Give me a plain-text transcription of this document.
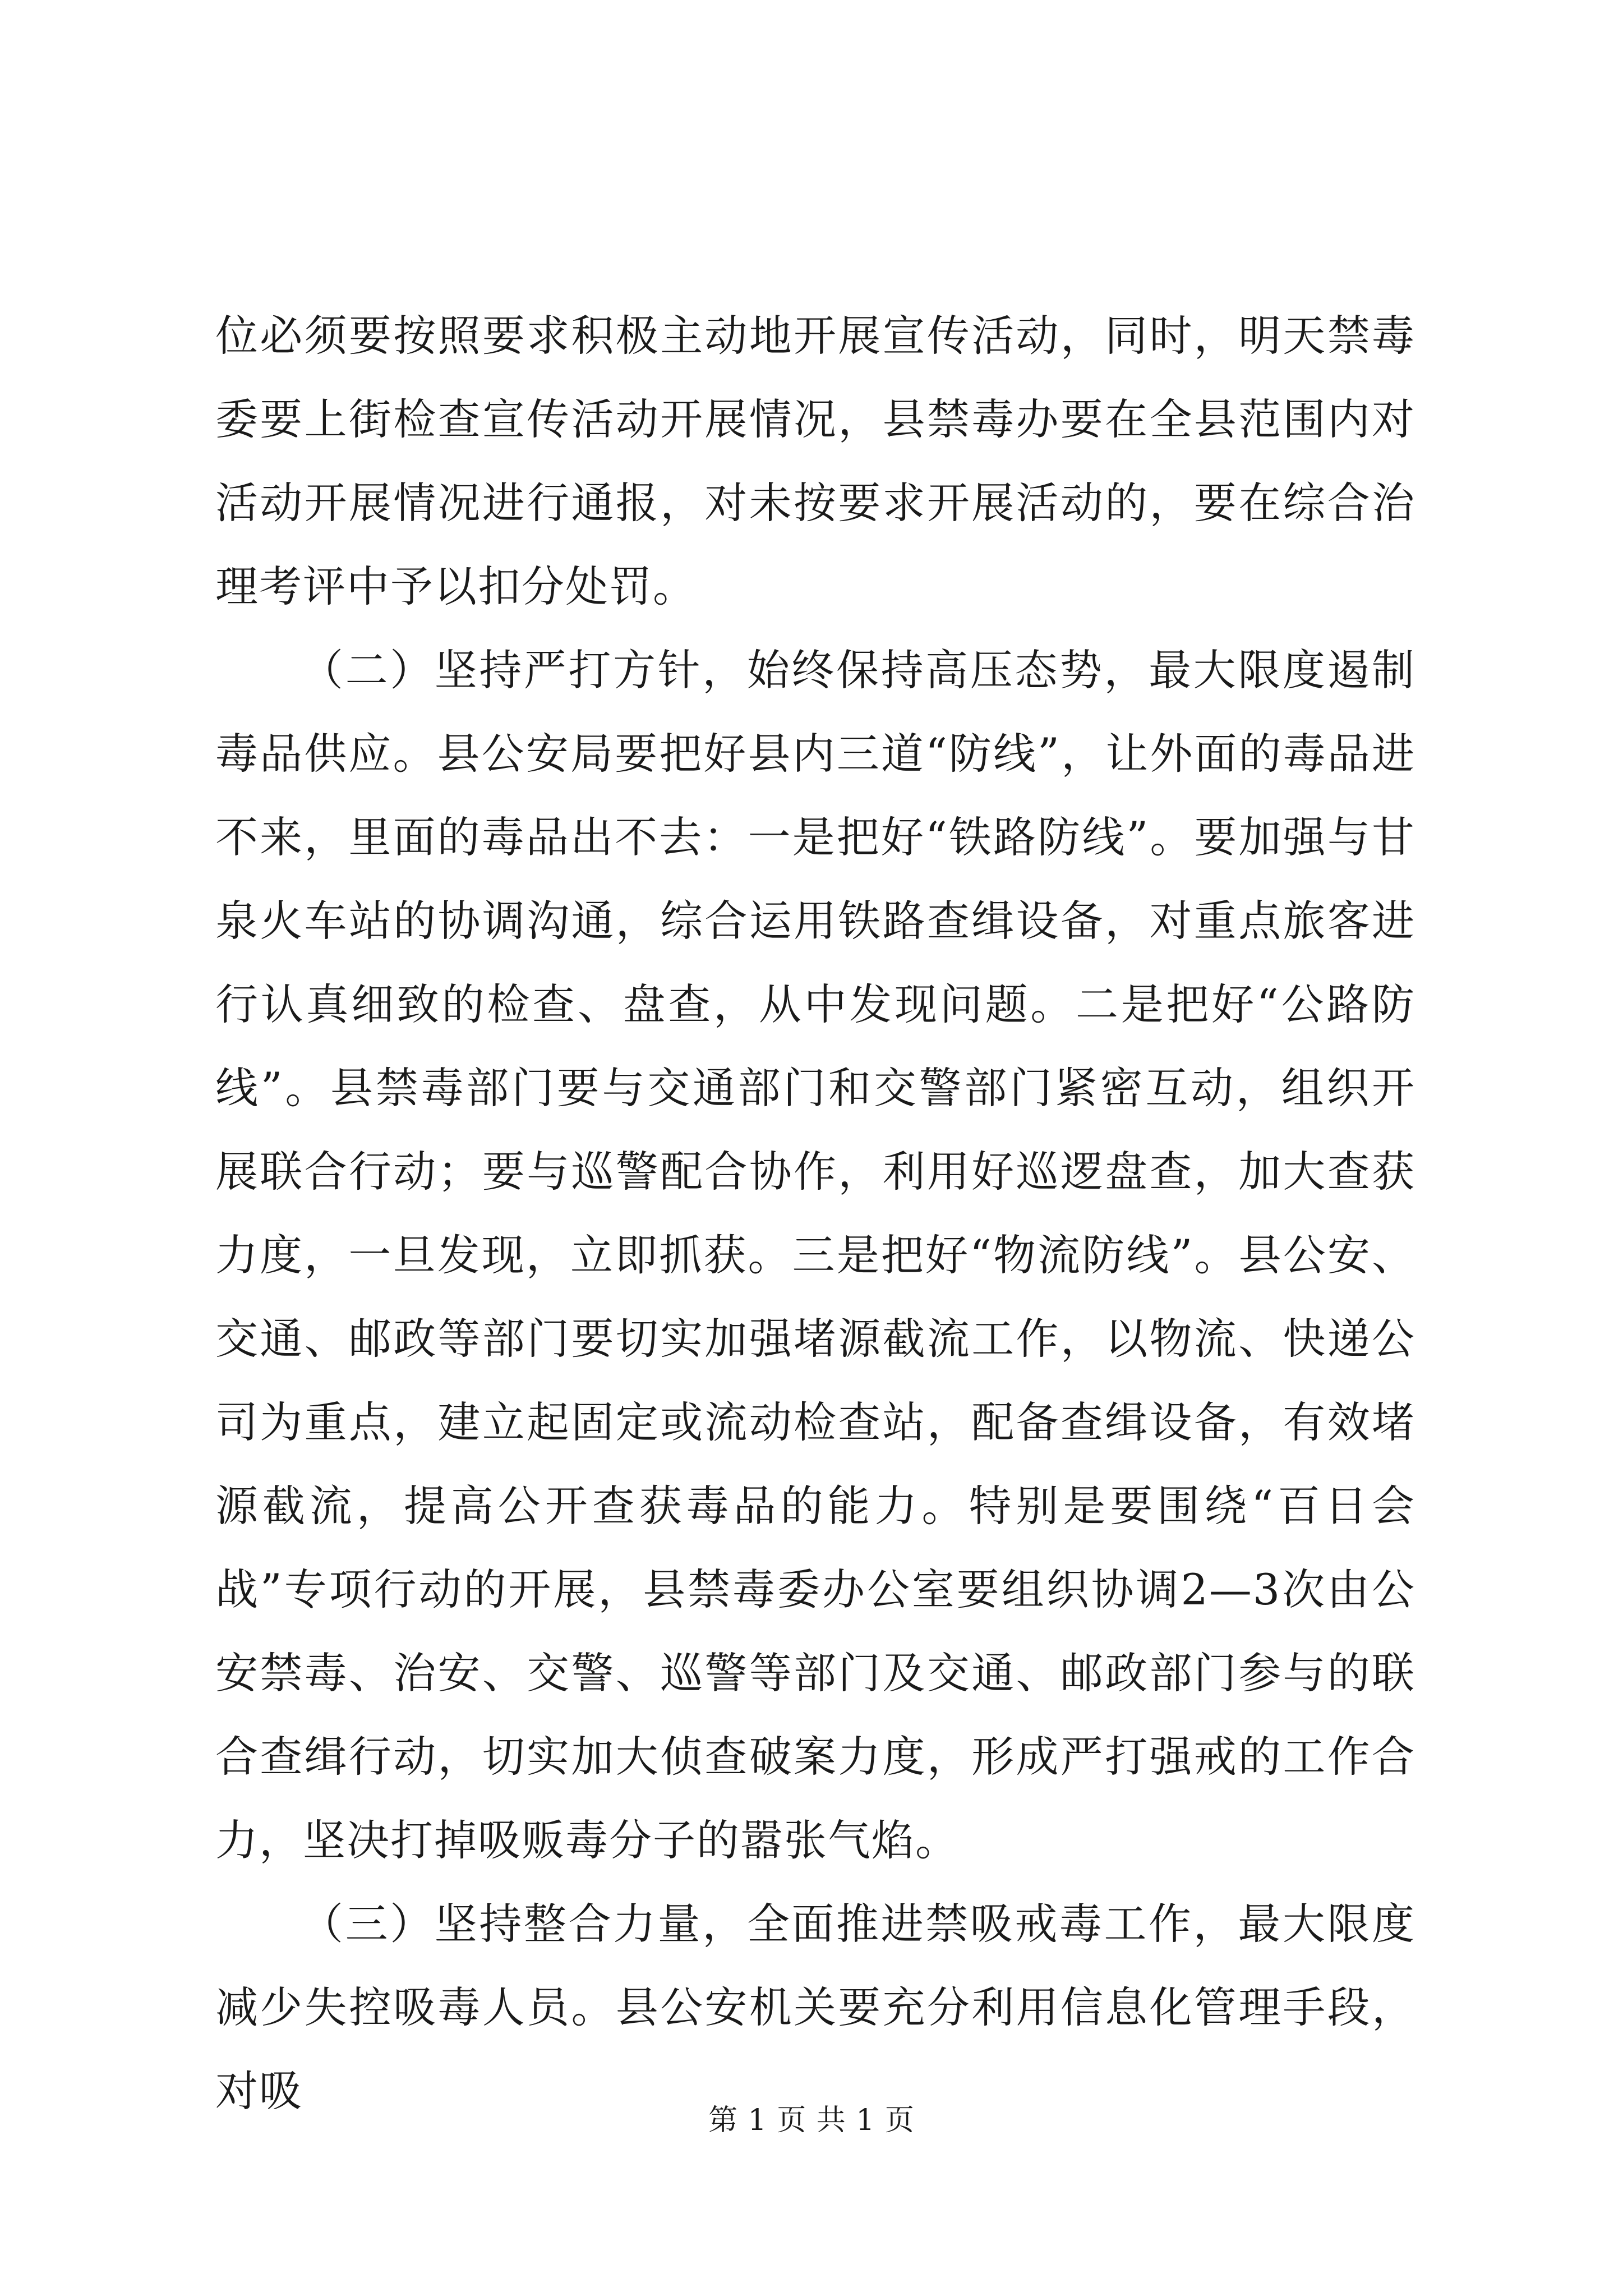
位必须要按照要求积极主动地开展宣传活动，同时，明天禁毒委要上街检查宣传活动开展情况，县禁毒办要在全县范围内对活动开展情况进行通报，对未按要求开展活动的，要在综合治理考评中予以扣分处罚。

（二）坚持严打方针，始终保持高压态势，最大限度遏制毒品供应。县公安局要把好县内三道“防线”，让外面的毒品进不来，里面的毒品出不去：一是把好“铁路防线”。要加强与甘泉火车站的协调沟通，综合运用铁路查缉设备，对重点旅客进行认真细致的检查、盘查，从中发现问题。二是把好“公路防线”。县禁毒部门要与交通部门和交警部门紧密互动，组织开展联合行动；要与巡警配合协作，利用好巡逻盘查，加大查获力度，一旦发现，立即抓获。三是把好“物流防线”。县公安、交通、邮政等部门要切实加强堵源截流工作，以物流、快递公司为重点，建立起固定或流动检查站，配备查缉设备，有效堵源截流，提高公开查获毒品的能力。特别是要围绕“百日会战”专项行动的开展，县禁毒委办公室要组织协调2—3次由公安禁毒、治安、交警、巡警等部门及交通、邮政部门参与的联合查缉行动，切实加大侦查破案力度，形成严打强戒的工作合力，坚决打掉吸贩毒分子的嚣张气焰。

（三）坚持整合力量，全面推进禁吸戒毒工作，最大限度减少失控吸毒人员。县公安机关要充分利用信息化管理手段，对吸

第 1 页 共 1 页
